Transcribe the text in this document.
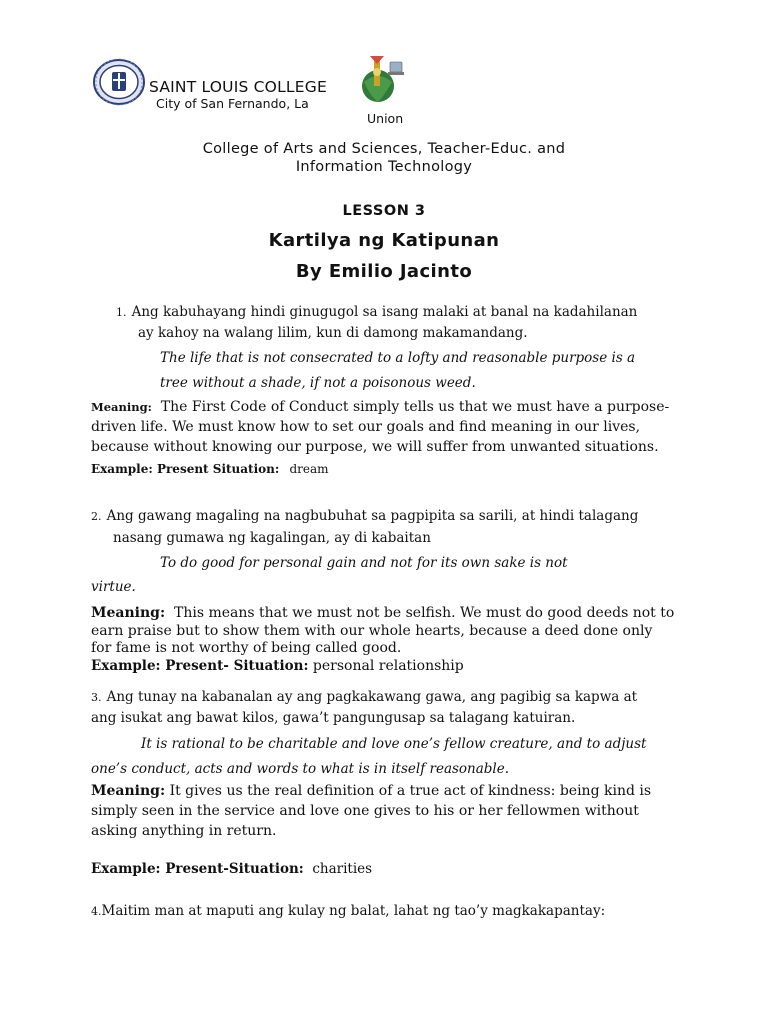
SAINT LOUIS COLLEGE
City of San Fernando, La
Union
College of Arts and Sciences, Teacher-Educ. and
Information Technology
LESSON 3
Kartilya ng Katipunan
By Emilio Jacinto
1. Ang kabuhayang hindi ginugugol sa isang malaki at banal na kadahilanan
ay kahoy na walang lilim, kun di damong makamandang.
The life that is not consecrated to a lofty and reasonable purpose is a
tree without a shade, if not a poisonous weed.
Meaning: The First Code of Conduct simply tells us that we must have a purpose-
driven life. We must know how to set our goals and find meaning in our lives,
because without knowing our purpose, we will suffer from unwanted situations.
Example: Present Situation: dream
2. Ang gawang magaling na nagbubuhat sa pagpipita sa sarili, at hindi talagang
nasang gumawa ng kagalingan, ay di kabaitan
To do good for personal gain and not for its own sake is not
virtue.
Meaning: This means that we must not be selfish. We must do good deeds not to
earn praise but to show them with our whole hearts, because a deed done only
for fame is not worthy of being called good.
Example: Present- Situation: personal relationship
3. Ang tunay na kabanalan ay ang pagkakawang gawa, ang pagibig sa kapwa at
ang isukat ang bawat kilos, gawa’t pangungusap sa talagang katuiran.
It is rational to be charitable and love one’s fellow creature, and to adjust
one’s conduct, acts and words to what is in itself reasonable.
Meaning: It gives us the real definition of a true act of kindness: being kind is
simply seen in the service and love one gives to his or her fellowmen without
asking anything in return.
Example: Present-Situation: charities
4.Maitim man at maputi ang kulay ng balat, lahat ng tao’y magkakapantay:
